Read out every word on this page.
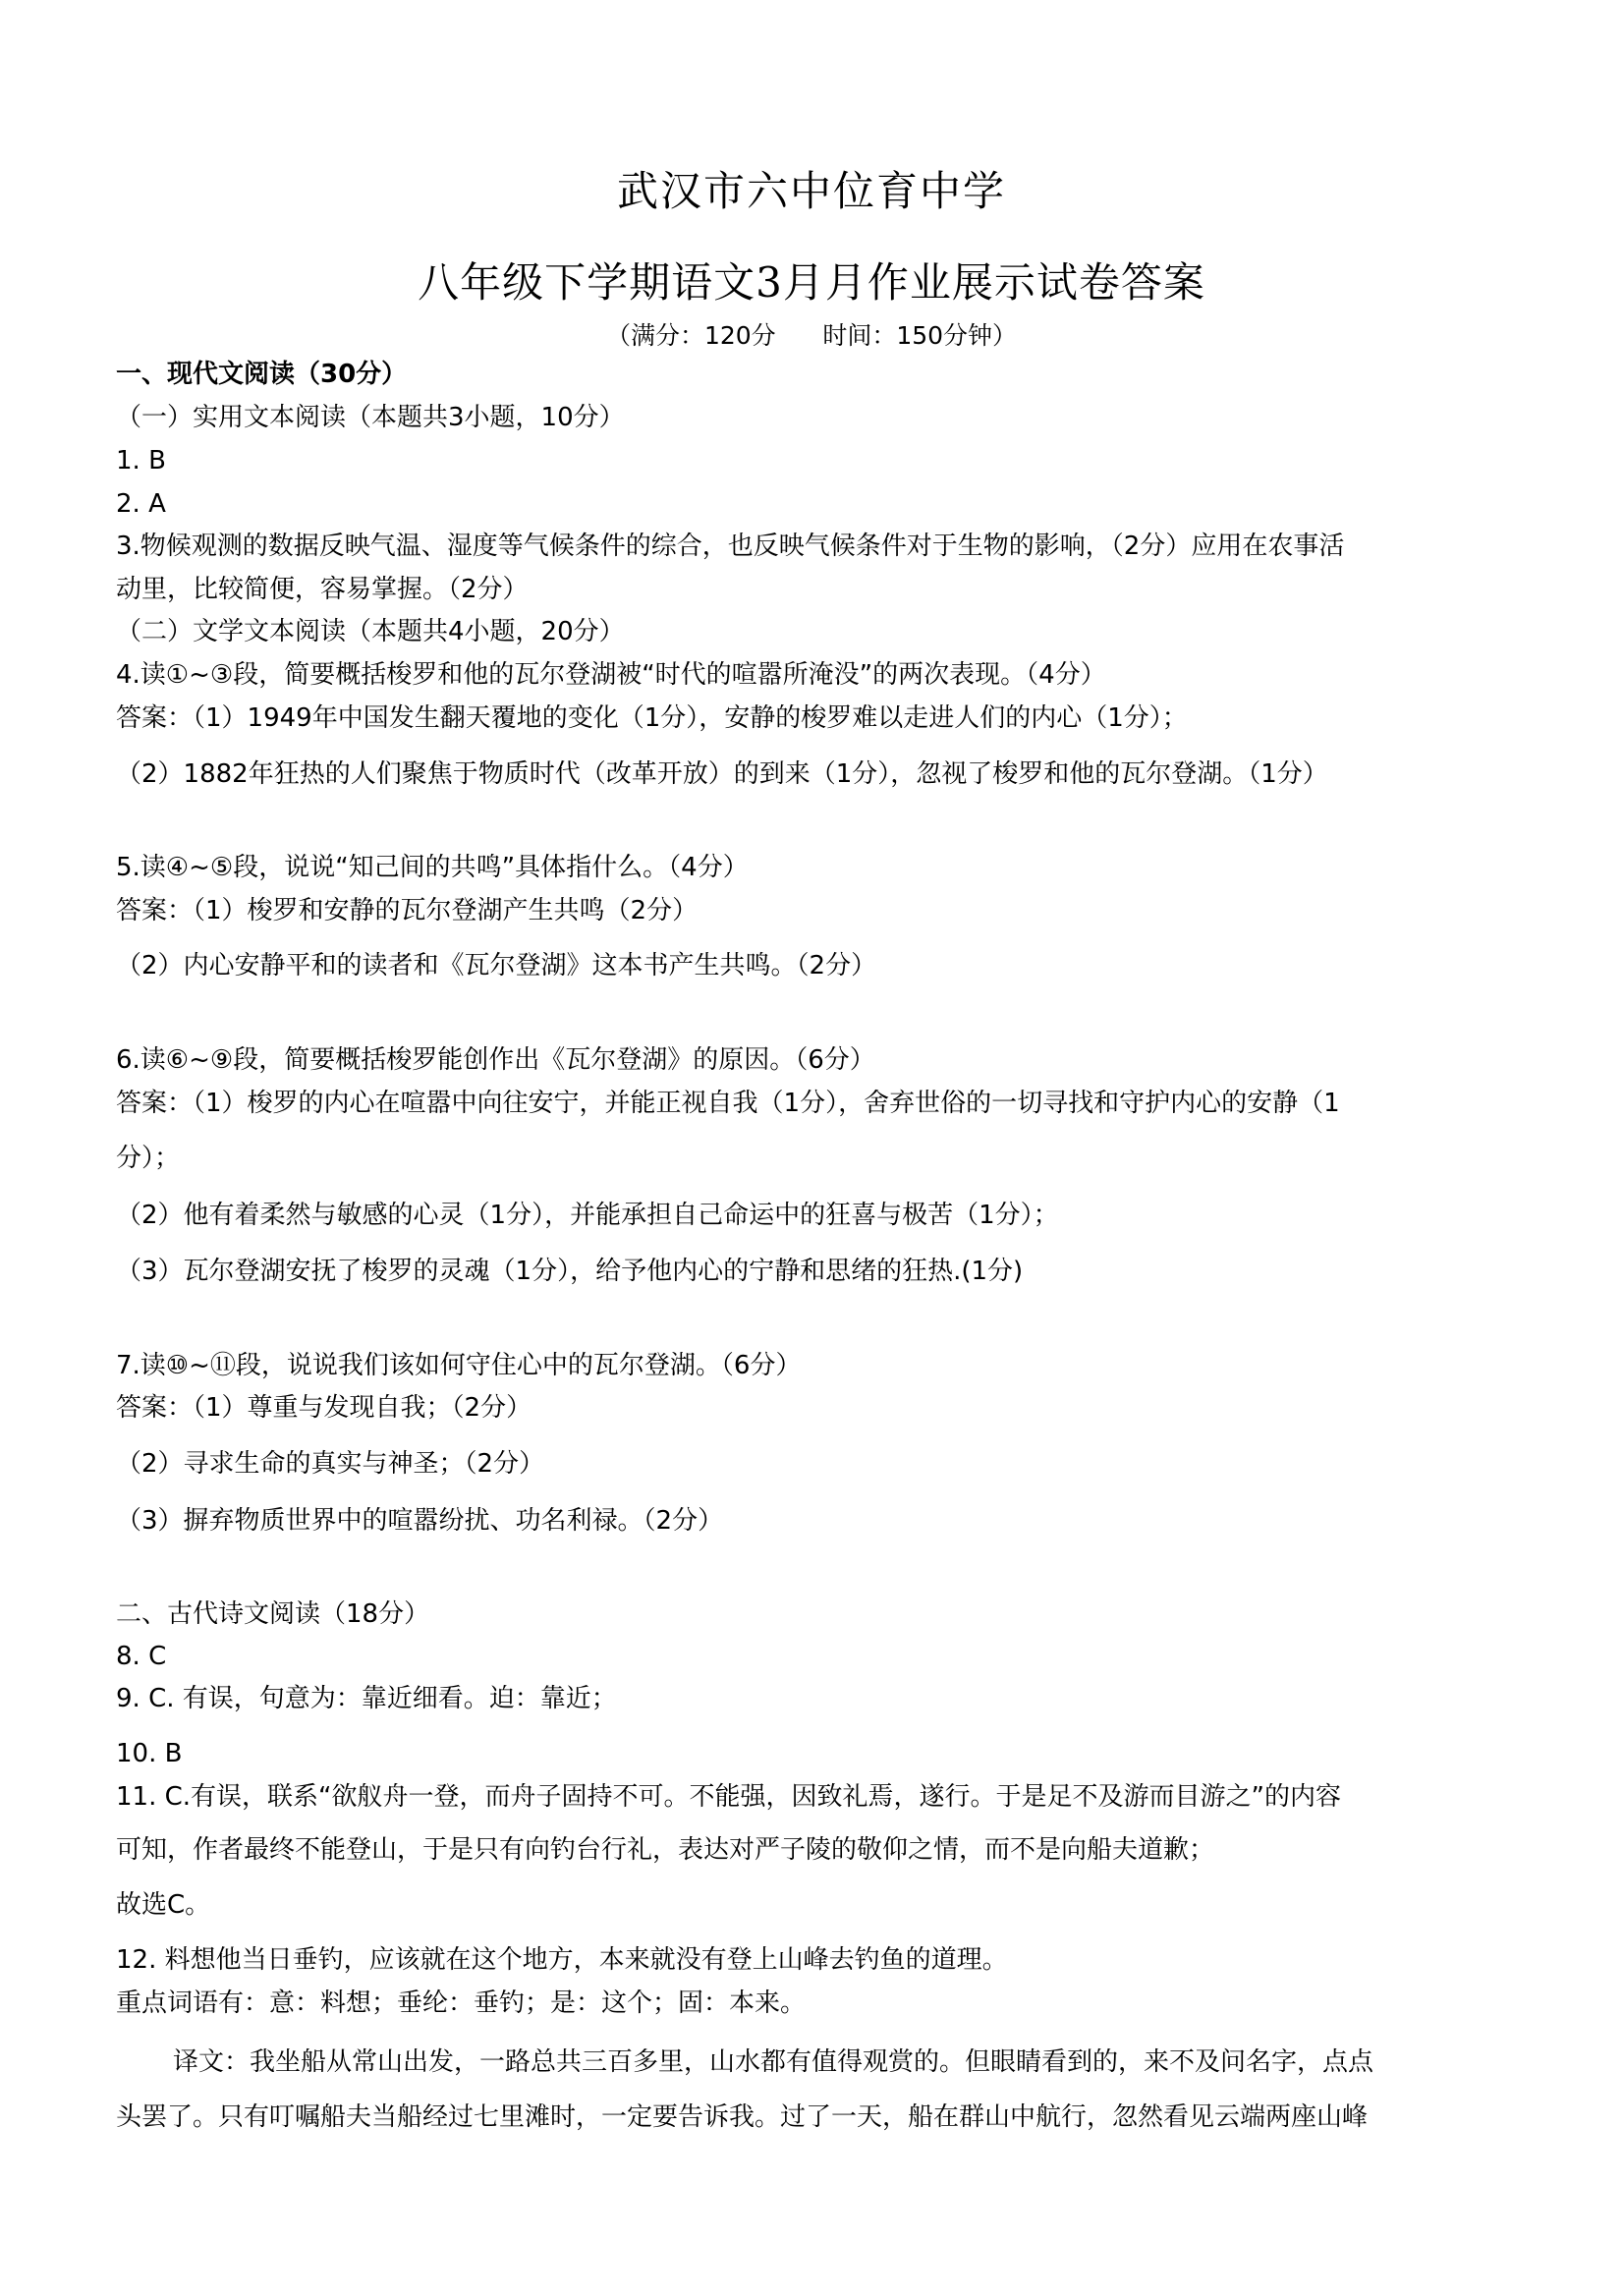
武汉市六中位育中学
八年级下学期语文3月月作业展示试卷答案
（满分：120分      时间：150分钟）
一、现代文阅读（30分）
（一）实用文本阅读（本题共3小题，10分）
1. B
2. A
3.物候观测的数据反映气温、湿度等气候条件的综合，也反映气候条件对于生物的影响，（2分）应用在农事活
动里，比较简便，容易掌握。（2分）
（二）文学文本阅读（本题共4小题，20分）
4.读①~③段，简要概括梭罗和他的瓦尔登湖被“时代的喧嚣所淹没”的两次表现。（4分）
答案：（1）1949年中国发生翻天覆地的变化（1分），安静的梭罗难以走进人们的内心（1分）；
（2）1882年狂热的人们聚焦于物质时代（改革开放）的到来（1分），忽视了梭罗和他的瓦尔登湖。（1分）
5.读④~⑤段，说说“知己间的共鸣”具体指什么。（4分）
答案：（1）梭罗和安静的瓦尔登湖产生共鸣（2分）
（2）内心安静平和的读者和《瓦尔登湖》这本书产生共鸣。（2分）
6.读⑥~⑨段，简要概括梭罗能创作出《瓦尔登湖》的原因。（6分）
答案：（1）梭罗的内心在喧嚣中向往安宁，并能正视自我（1分），舍弃世俗的一切寻找和守护内心的安静（1
分）；
（2）他有着柔然与敏感的心灵（1分），并能承担自己命运中的狂喜与极苦（1分）；
（3）瓦尔登湖安抚了梭罗的灵魂（1分），给予他内心的宁静和思绪的狂热.(1分)
7.读⑩~⑪段，说说我们该如何守住心中的瓦尔登湖。（6分）
答案：（1）尊重与发现自我；（2分）
（2）寻求生命的真实与神圣；（2分）
（3）摒弃物质世界中的喧嚣纷扰、功名利禄。（2分）
二、古代诗文阅读（18分）
8. C
9. C. 有误，句意为：靠近细看。迫：靠近；
10. B
11. C.有误，联系“欲舣舟一登，而舟子固持不可。不能强，因致礼焉，遂行。于是足不及游而目游之”的内容
可知，作者最终不能登山，于是只有向钓台行礼，表达对严子陵的敬仰之情，而不是向船夫道歉；
故选C。
12. 料想他当日垂钓，应该就在这个地方，本来就没有登上山峰去钓鱼的道理。
重点词语有：意：料想；垂纶：垂钓；是：这个；固：本来。
译文：我坐船从常山出发，一路总共三百多里，山水都有值得观赏的。但眼睛看到的，来不及问名字，点点
头罢了。只有叮嘱船夫当船经过七里滩时，一定要告诉我。过了一天，船在群山中航行，忽然看见云端两座山峰
